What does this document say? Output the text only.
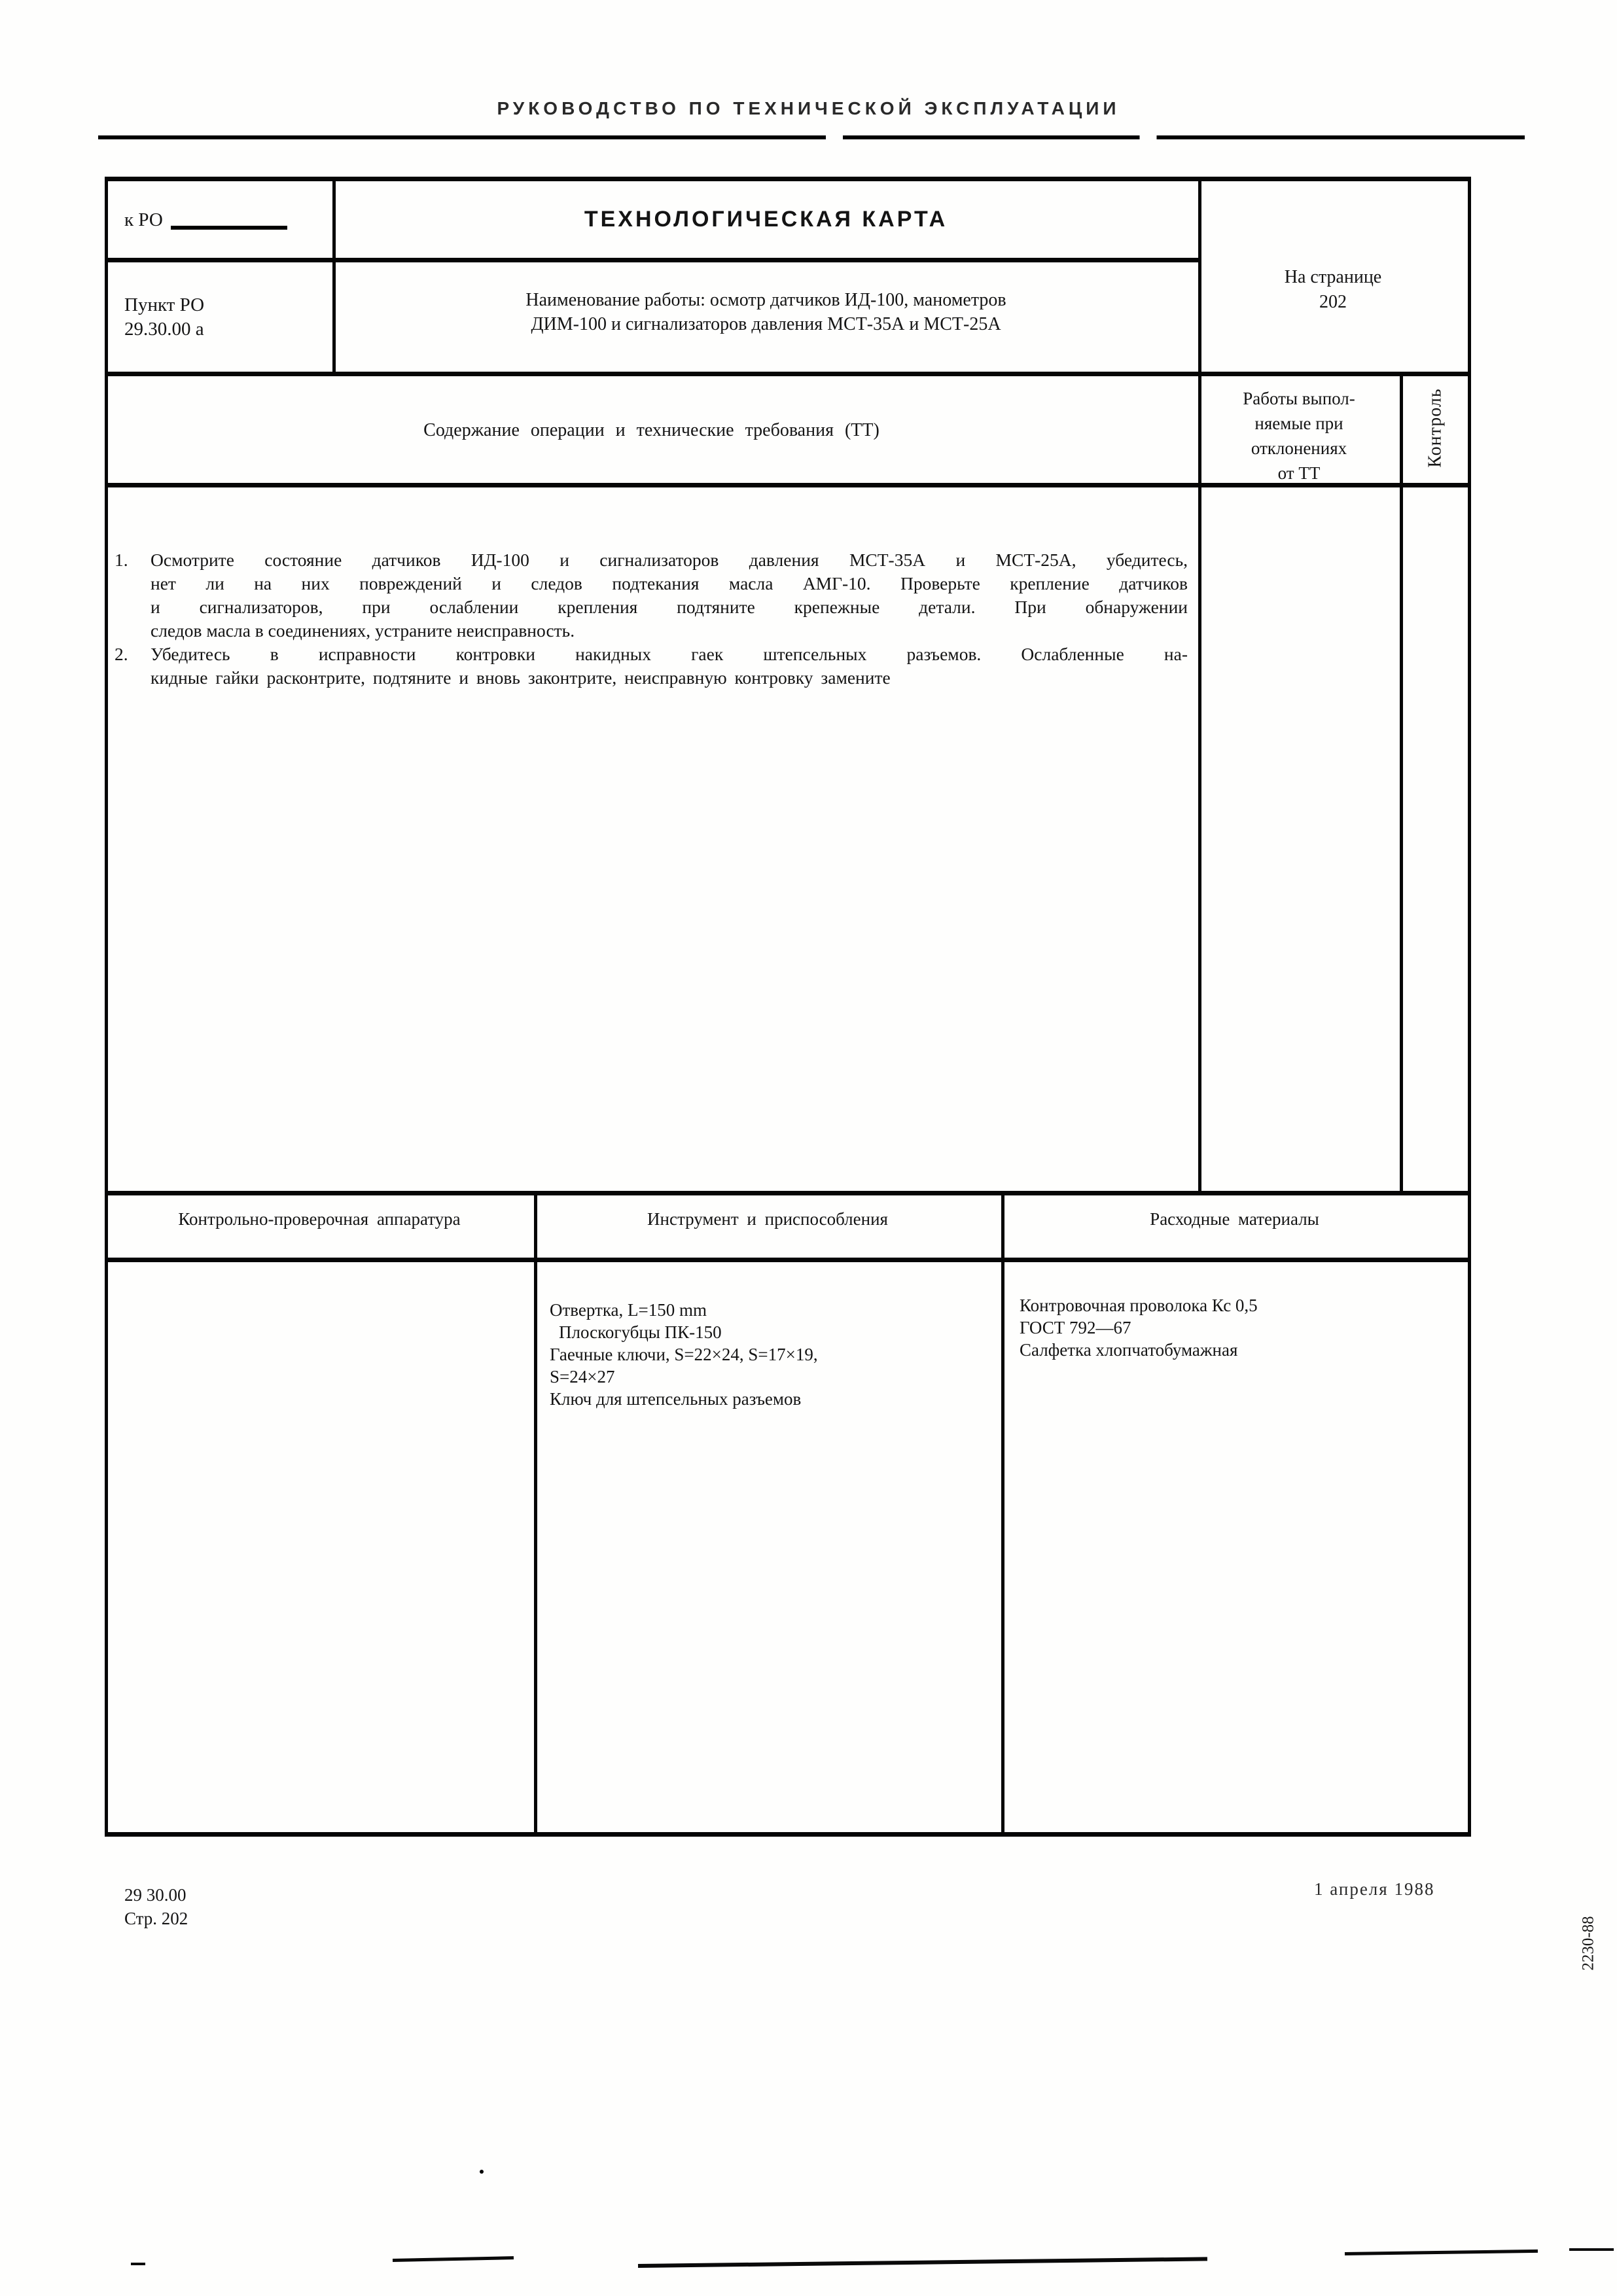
РУКОВОДСТВО ПО ТЕХНИЧЕСКОЙ ЭКСПЛУАТАЦИИ
к РО
Пункт РО
29.30.00 а
ТЕХНОЛОГИЧЕСКАЯ КАРТА
Наименование работы: осмотр датчиков ИД-100, манометров
ДИМ-100 и сигнализаторов давления МСТ-35А и МСТ-25А
На странице
202
Содержание операции и технические требования (ТТ)
Работы выпол-
няемые при
отклонениях
от ТТ
Контроль
1. Осмотрите состояние датчиков ИД-100 и сигнализаторов давления МСТ-35А и МСТ-25А, убедитесь,
нет ли на них повреждений и следов подтекания масла АМГ-10. Проверьте крепление датчиков
и сигнализаторов, при ослаблении крепления подтяните крепежные детали. При обнаружении
следов масла в соединениях, устраните неисправность.
2. Убедитесь в исправности контровки накидных гаек штепсельных разъемов. Ослабленные на-
кидные гайки расконтрите, подтяните и вновь законтрите, неисправную контровку замените
Контрольно-проверочная аппаратура	Инструмент и приспособления	Расходные материалы
Отвертка, L=150 mm
Плоскогубцы ПК-150
Гаечные ключи, S=22×24, S=17×19,
S=24×27
Ключ для штепсельных разъемов
Контровочная проволока Кс 0,5
ГОСТ 792—67
Салфетка хлопчатобумажная
29 30.00
Стр. 202
1 апреля 1988
2230-88
